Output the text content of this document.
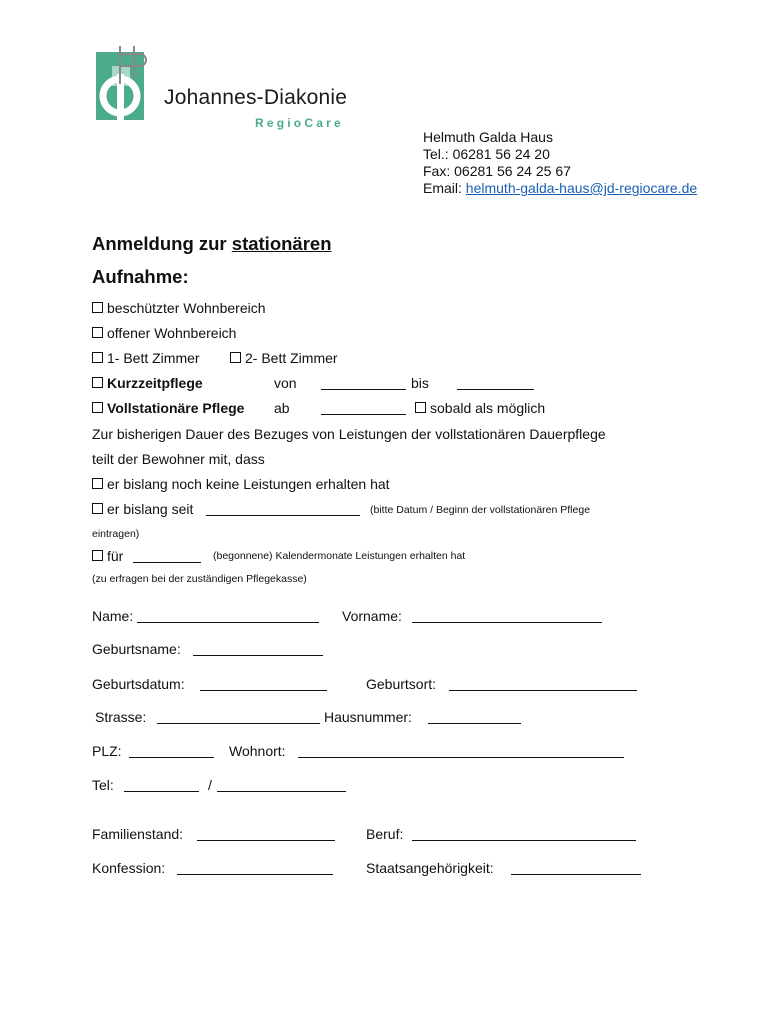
Johannes-Diakonie
RegioCare
Helmuth Galda Haus
Tel.: 06281 56 24 20
Fax: 06281 56 24 25 67
Email: helmuth-galda-haus@jd-regiocare.de
Anmeldung zur stationären
Aufnahme:
beschützter Wohnbereich
offener Wohnbereich
1- Bett Zimmer	2- Bett Zimmer
Kurzzeitpflege	von	bis
Vollstationäre Pflege ab	sobald als möglich
Zur bisherigen Dauer des Bezuges von Leistungen der vollstationären Dauerpflege
teilt der Bewohner mit, dass
er bislang noch keine Leistungen erhalten hat
er bislang seit	(bitte Datum / Beginn der vollstationären Pflege
eintragen)
für	(begonnene) Kalendermonate Leistungen erhalten hat
(zu erfragen bei der zuständigen Pflegekasse)
Name:	Vorname:
Geburtsname:
Geburtsdatum:	Geburtsort:
Strasse:	Hausnummer:
PLZ:	Wohnort:
Tel:	/
Familienstand:	Beruf:
Konfession:	Staatsangehörigkeit:
